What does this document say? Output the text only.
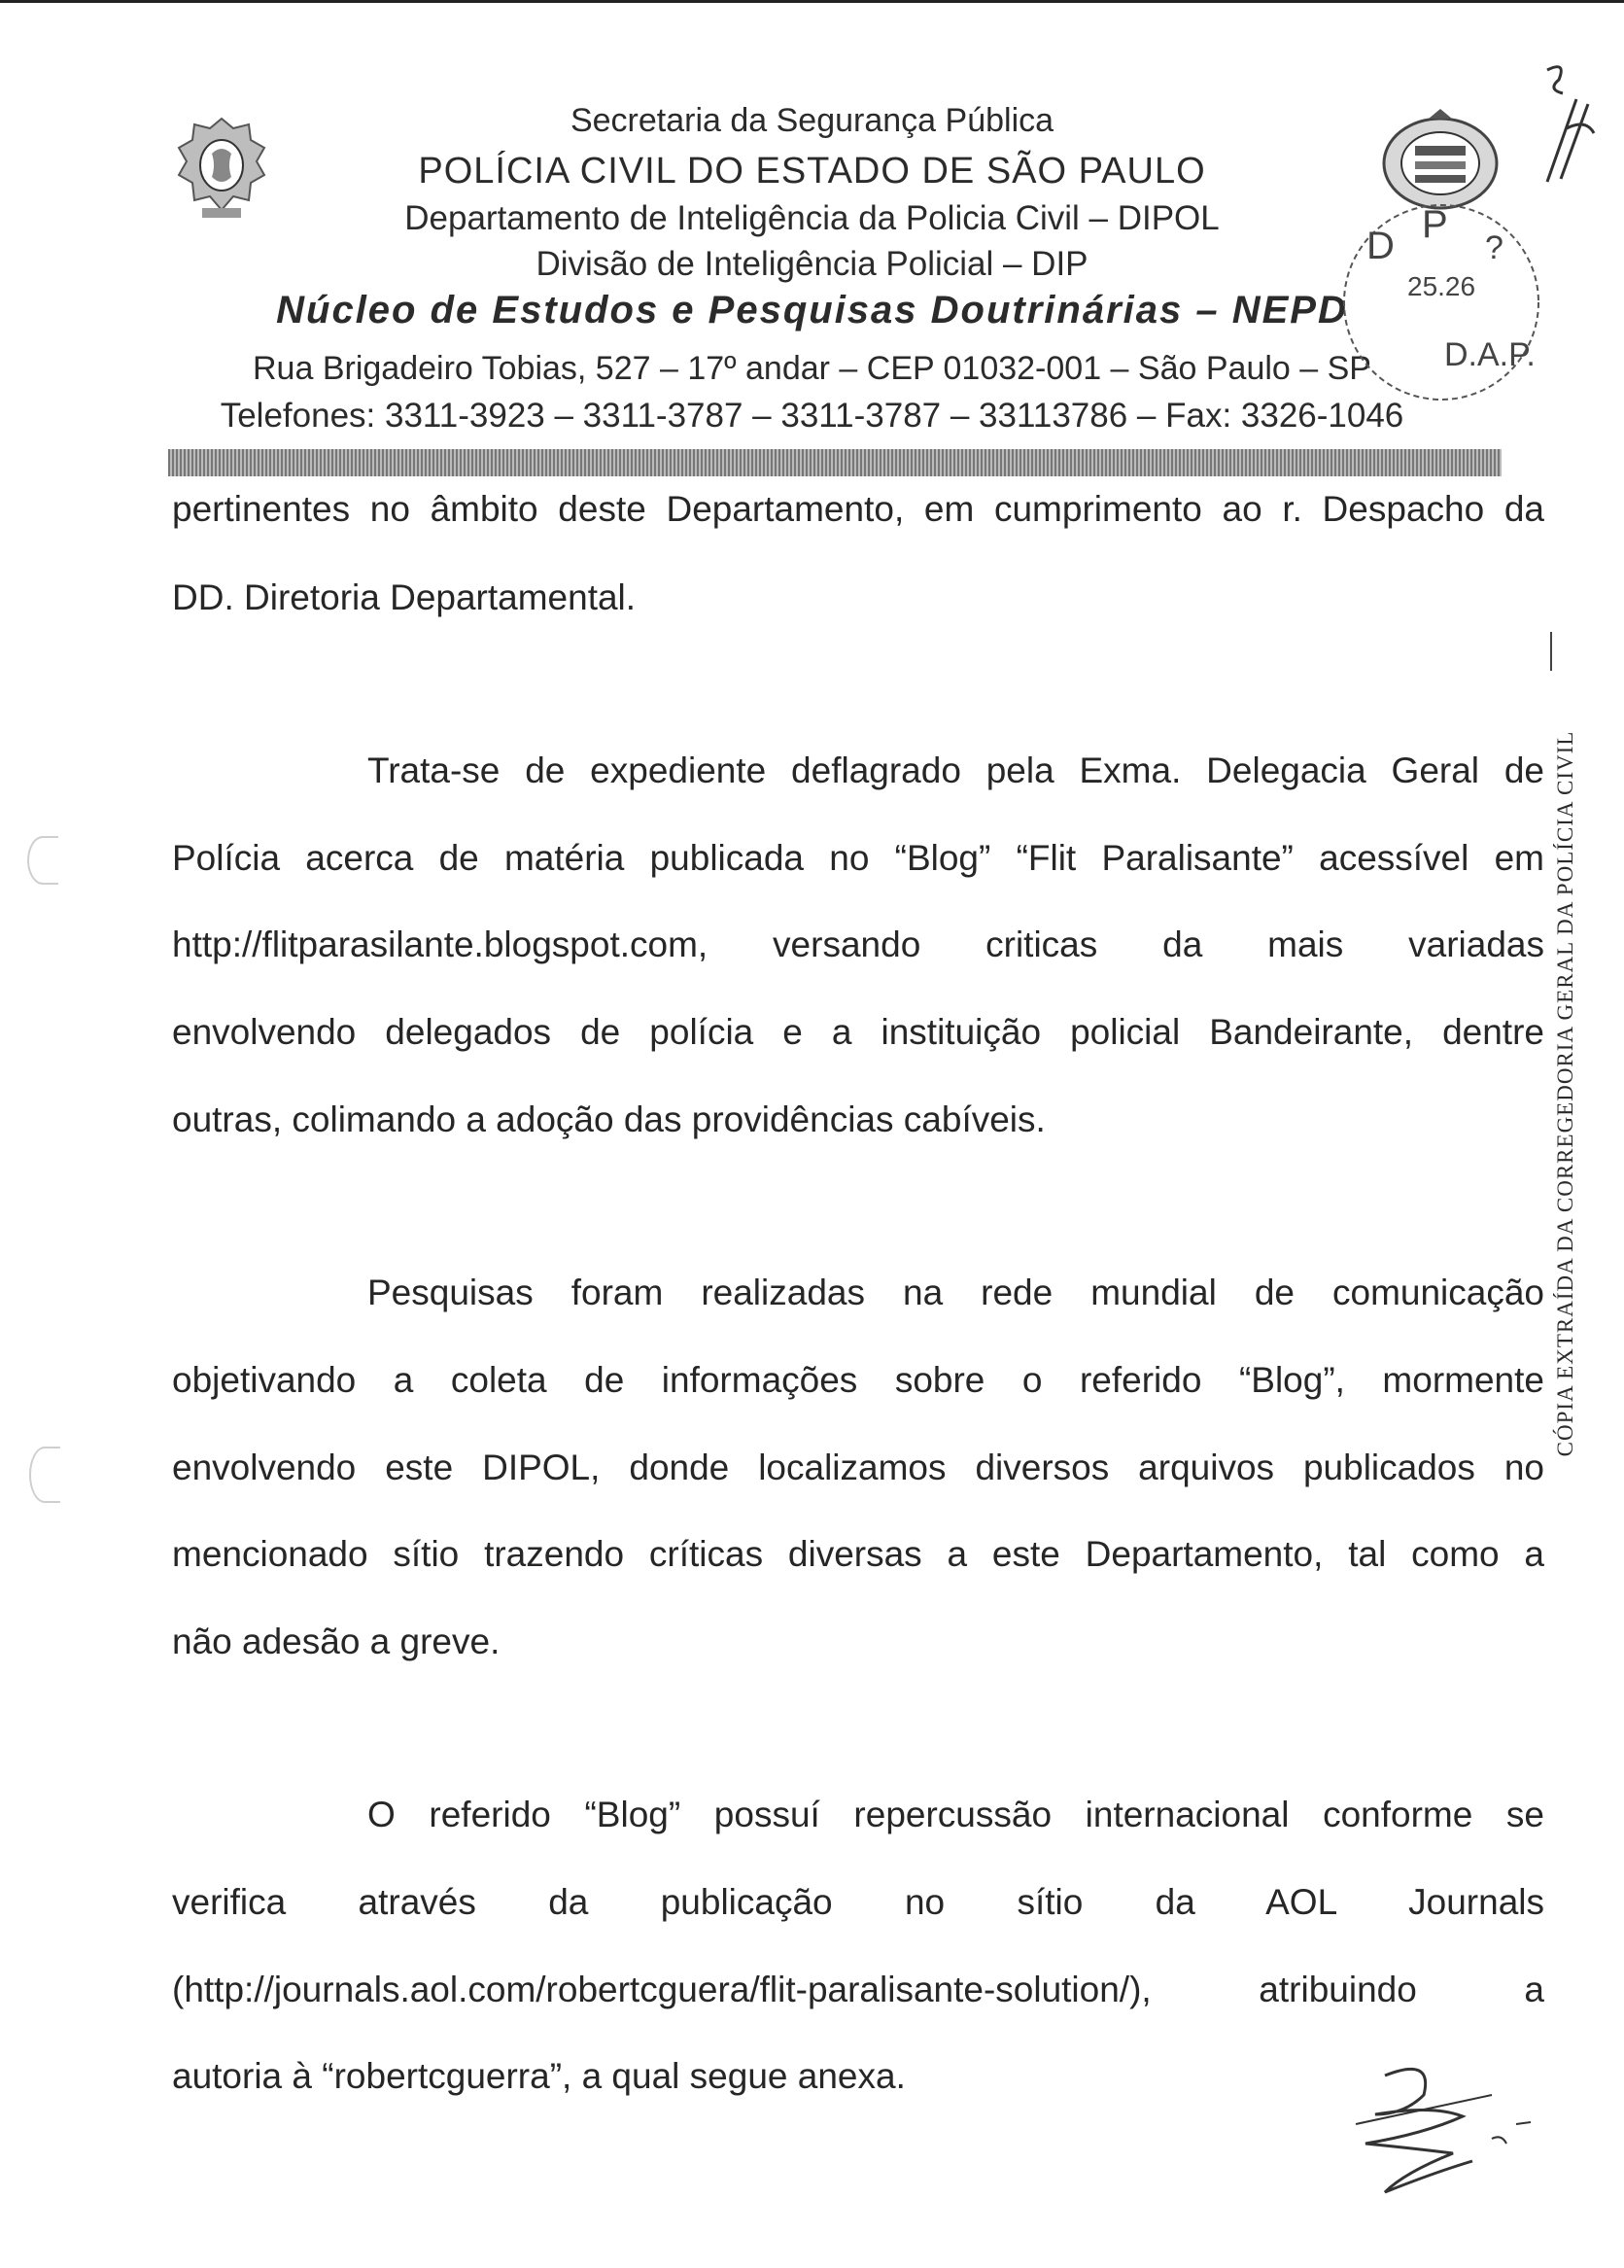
Secretaria da Segurança Pública
POLÍCIA CIVIL DO ESTADO DE SÃO PAULO
Departamento de Inteligência da Policia Civil – DIPOL
Divisão de Inteligência Policial – DIP
Núcleo de Estudos e Pesquisas Doutrinárias – NEPD
Rua Brigadeiro Tobias, 527 – 17º andar – CEP 01032-001 – São Paulo – SP
Telefones: 3311-3923 – 3311-3787 – 3311-3787 – 33113786 – Fax: 3326-1046
D P
?
25.26
D.A.P.
CÓPIA EXTRAÍDA DA CORREGEDORIA GERAL DA POLÍCIA CIVIL
pertinentes no âmbito deste Departamento, em cumprimento ao r. Despacho da
DD. Diretoria Departamental.
Trata-se de expediente deflagrado pela Exma. Delegacia Geral de
Polícia acerca de matéria publicada no “Blog” “Flit Paralisante” acessível em
http://flitparasilante.blogspot.com, versando criticas da mais variadas
envolvendo delegados de polícia e a instituição policial Bandeirante, dentre
outras, colimando a adoção das providências cabíveis.
Pesquisas foram realizadas na rede mundial de comunicação
objetivando a coleta de informações sobre o referido “Blog”, mormente
envolvendo este DIPOL, donde localizamos diversos arquivos publicados no
mencionado sítio trazendo críticas diversas a este Departamento, tal como a
não adesão a greve.
O referido “Blog” possuí repercussão internacional conforme se
verifica através da publicação no sítio da AOL Journals
(http://journals.aol.com/robertcguera/flit-paralisante-solution/), atribuindo a
autoria à “robertcguerra”, a qual segue anexa.
